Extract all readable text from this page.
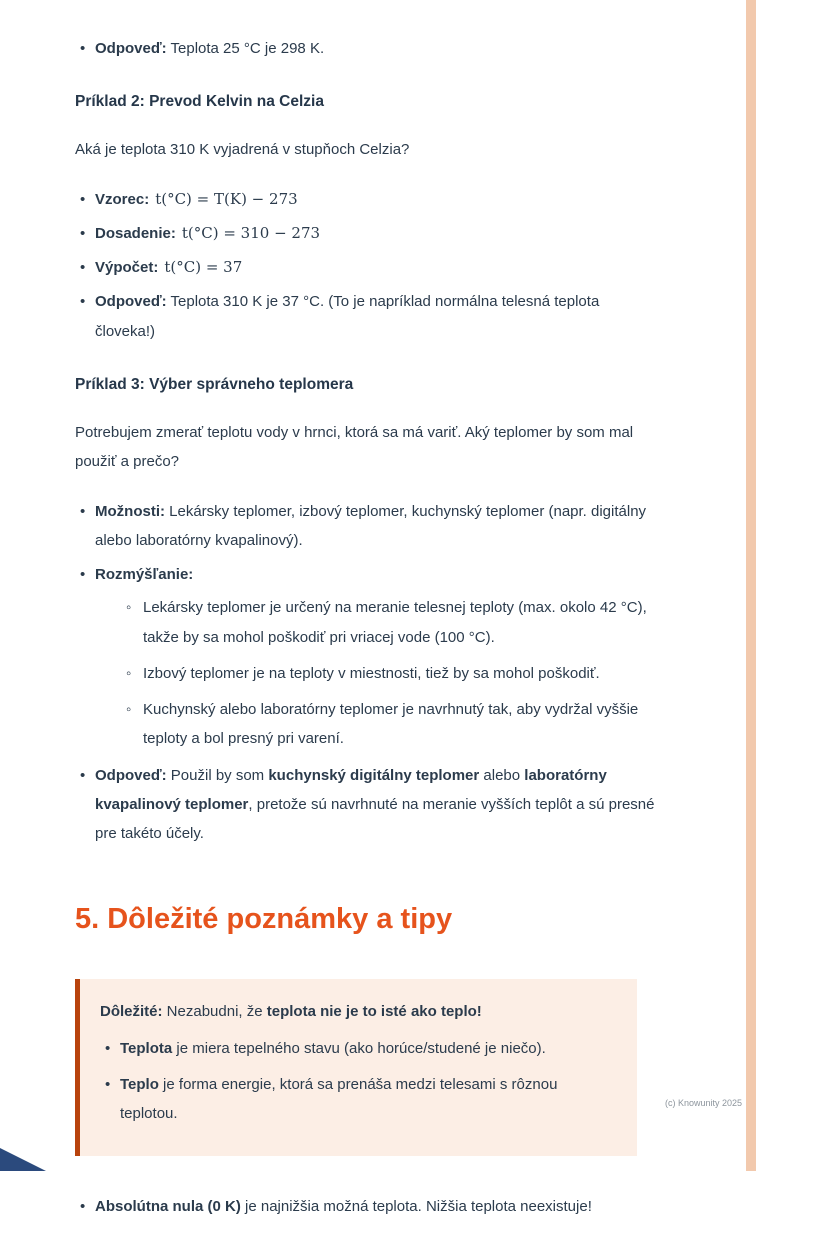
(c) Knowunity 2025
• Odpoveď: Teplota 25 °C je 298 K.
Príklad 2: Prevod Kelvin na Celzia

Aká je teplota 310 K vyjadrená v stupňoch Celzia?

• Vzorec: t(°C) = T(K) − 273
• Dosadenie: t(°C) = 310 − 273
• Výpočet: t(°C) = 37
• Odpoveď: Teplota 310 K je 37 °C. (To je napríklad normálna telesná teplota človeka!)
Príklad 3: Výber správneho teplomera

Potrebujem zmerať teplotu vody v hrnci, ktorá sa má variť. Aký teplomer by som mal použiť a prečo?

• Možnosti: Lekársky teplomer, izbový teplomer, kuchynský teplomer (napr. digitálny alebo laboratórny kvapalinový).
• Rozmýšľanie:
◦ Lekársky teplomer je určený na meranie telesnej teploty (max. okolo 42 °C), takže by sa mohol poškodiť pri vriacej vode (100 °C).
◦ Izbový teplomer je na teploty v miestnosti, tiež by sa mohol poškodiť.
◦ Kuchynský alebo laboratórny teplomer je navrhnutý tak, aby vydržal vyššie teploty a bol presný pri varení.
• Odpoveď: Použil by som kuchynský digitálny teplomer alebo laboratórny kvapalinový teplomer, pretože sú navrhnuté na meranie vyšších teplôt a sú presné pre takéto účely.
5. Dôležité poznámky a tipy

Dôležité: Nezabudni, že teplota nie je to isté ako teplo!

• Teplota je miera tepelného stavu (ako horúce/studené je niečo).
• Teplo je forma energie, ktorá sa prenáša medzi telesami s rôznou teplotou.
• Absolútna nula (0 K) je najnižšia možná teplota. Nižšia teplota neexistuje!
